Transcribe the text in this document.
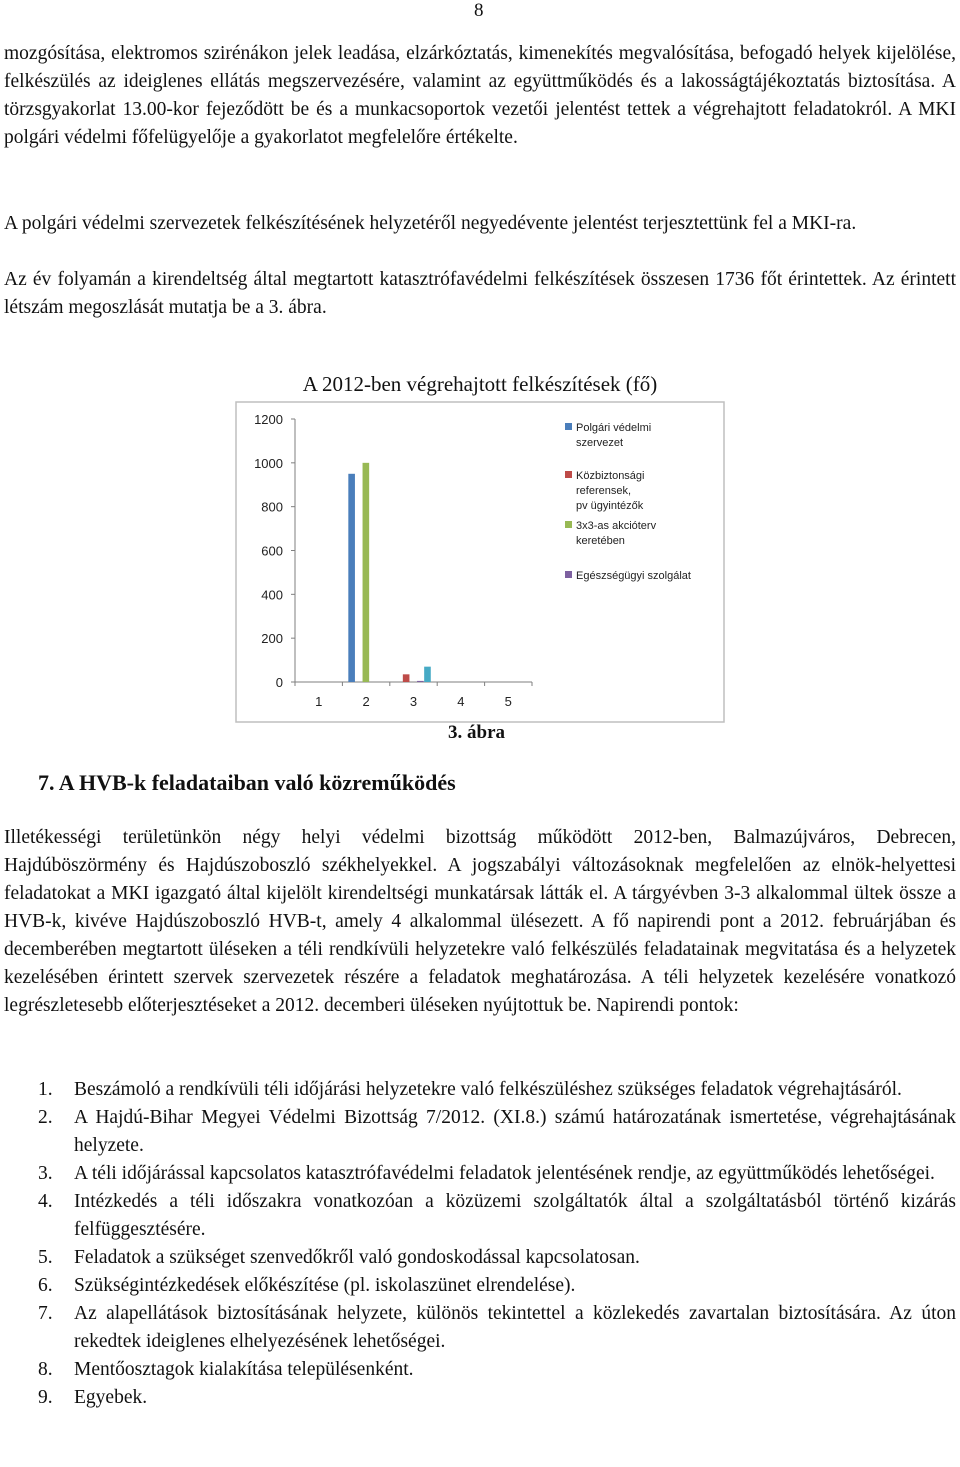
8

mozgósítása, elektromos szirénákon jelek leadása, elzárkóztatás, kimenekítés megvalósítása, befogadó helyek kijelölése, felkészülés az ideiglenes ellátás megszervezésére, valamint az együttműködés és a lakosságtájékoztatás biztosítása. A törzsgyakorlat 13.00-kor fejeződött be és a munkacsoportok vezetői jelentést tettek a végrehajtott feladatokról. A MKI polgári védelmi főfelügyelője a gyakorlatot megfelelőre értékelte.

A polgári védelmi szervezetek felkészítésének helyzetéről negyedévente jelentést terjesztettünk fel a MKI-ra.

Az év folyamán a kirendeltség által megtartott katasztrófavédelmi felkészítések összesen 1736 főt érintettek. Az érintett létszám megoszlását mutatja be a 3. ábra.

A 2012-ben végrehajtott felkészítések (fő)
0
200
400
600
800
1000
1200
1	2	3	4	5
Polgári védelmi
szervezet
Közbiztonsági
referensek,
pv ügyintézők
3x3-as akcióterv
keretében
Egészségügyi szolgálat
3. ábra
7. A HVB-k feladataiban való közreműködés

Illetékességi területünkön négy helyi védelmi bizottság működött 2012-ben, Balmazújváros, Debrecen, Hajdúböszörmény és Hajdúszoboszló székhelyekkel. A jogszabályi változásoknak megfelelően az elnök-helyettesi feladatokat a MKI igazgató által kijelölt kirendeltségi munkatársak látták el. A tárgyévben 3-3 alkalommal ültek össze a HVB-k, kivéve Hajdúszoboszló HVB-t, amely 4 alkalommal ülésezett. A fő napirendi pont a 2012. februárjában és decemberében megtartott üléseken a téli rendkívüli helyzetekre való felkészülés feladatainak megvitatása és a helyzetek kezelésében érintett szervek szervezetek részére a feladatok meghatározása. A téli helyzetek kezelésére vonatkozó legrészletesebb előterjesztéseket a 2012. decemberi üléseken nyújtottuk be. Napirendi pontok:

1. Beszámoló a rendkívüli téli időjárási helyzetekre való felkészüléshez szükséges feladatok végrehajtásáról.
2. A Hajdú-Bihar Megyei Védelmi Bizottság 7/2012. (XI.8.) számú határozatának ismertetése, végrehajtásának helyzete.
3. A téli időjárással kapcsolatos katasztrófavédelmi feladatok jelentésének rendje, az együttműködés lehetőségei.
4. Intézkedés a téli időszakra vonatkozóan a közüzemi szolgáltatók által a szolgáltatásból történő kizárás felfüggesztésére.
5. Feladatok a szükséget szenvedőkről való gondoskodással kapcsolatosan.
6. Szükségintézkedések előkészítése (pl. iskolaszünet elrendelése).
7. Az alapellátások biztosításának helyzete, különös tekintettel a közlekedés zavartalan biztosítására. Az úton rekedtek ideiglenes elhelyezésének lehetőségei.
8. Mentőosztagok kialakítása településenként.
9. Egyebek.
